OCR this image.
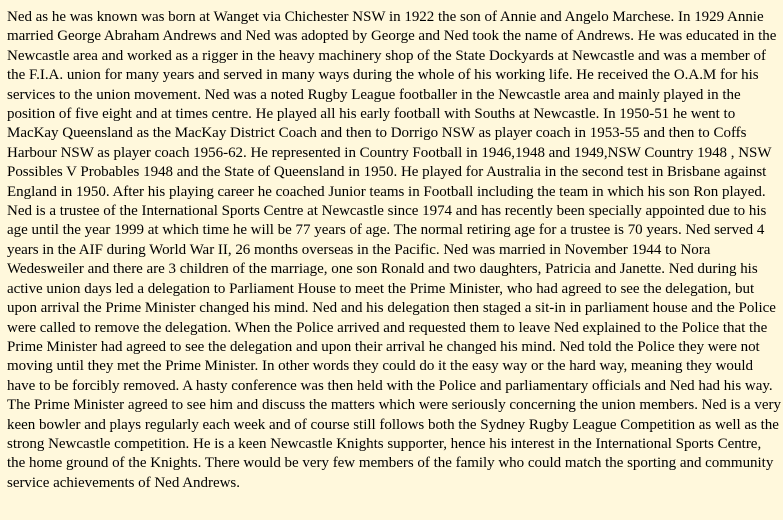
Ned as he was known was born at Wanget via Chichester NSW in 1922 the son of Annie and Angelo Marchese. In 1929 Annie married George Abraham Andrews and Ned was adopted by George and Ned took the name of Andrews. He was educated in the Newcastle area and worked as a rigger in the heavy machinery shop of the State Dockyards at Newcastle and was a member of the F.I.A. union for many years and served in many ways during the whole of his working life. He received the O.A.M for his services to the union movement. Ned was a noted Rugby League footballer in the Newcastle area and mainly played in the position of five eight and at times centre. He played all his early football with Souths at Newcastle. In 1950-51 he went to MacKay Queensland as the MacKay District Coach and then to Dorrigo NSW as player coach in 1953-55 and then to Coffs Harbour NSW as player coach 1956-62. He represented in Country Football in 1946,1948 and 1949,NSW Country 1948 , NSW Possibles V Probables 1948 and the State of Queensland in 1950. He played for Australia in the second test in Brisbane against England in 1950. After his playing career he coached Junior teams in Football including the team in which his son Ron played. Ned is a trustee of the International Sports Centre at Newcastle since 1974 and has recently been specially appointed due to his age until the year 1999 at which time he will be 77 years of age. The normal retiring age for a trustee is 70 years. Ned served 4 years in the AIF during World War II, 26 months overseas in the Pacific. Ned was married in November 1944 to Nora Wedesweiler and there are 3 children of the marriage, one son Ronald and two daughters, Patricia and Janette. Ned during his active union days led a delegation to Parliament House to meet the Prime Minister, who had agreed to see the delegation, but upon arrival the Prime Minister changed his mind. Ned and his delegation then staged a sit-in in parliament house and the Police were called to remove the delegation. When the Police arrived and requested them to leave Ned explained to the Police that the Prime Minister had agreed to see the delegation and upon their arrival he changed his mind. Ned told the Police they were not moving until they met the Prime Minister. In other words they could do it the easy way or the hard way, meaning they would have to be forcibly removed. A hasty conference was then held with the Police and parliamentary officials and Ned had his way. The Prime Minister agreed to see him and discuss the matters which were seriously concerning the union members. Ned is a very keen bowler and plays regularly each week and of course still follows both the Sydney Rugby League Competition as well as the strong Newcastle competition. He is a keen Newcastle Knights supporter, hence his interest in the International Sports Centre, the home ground of the Knights. There would be very few members of the family who could match the sporting and community service achievements of Ned Andrews.
